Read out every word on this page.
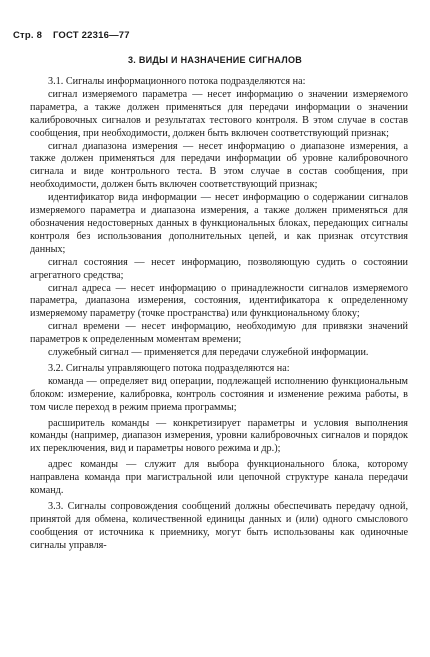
Стр. 8 ГОСТ 22316—77
3. ВИДЫ И НАЗНАЧЕНИЕ СИГНАЛОВ

3.1. Сигналы информационного потока подразделяются на:

сигнал измеряемого параметра — несет информацию о значении измеряемого параметра, а также должен применяться для передачи информации о значении калибровочных сигналов и результатах тестового контроля. В этом случае в состав сообщения, при необходимости, должен быть включен соответствующий признак;

сигнал диапазона измерения — несет информацию о диапазоне измерения, а также должен применяться для передачи информации об уровне калибровочного сигнала и виде контрольного теста. В этом случае в состав сообщения, при необходимости, должен быть включен соответствующий признак;

идентификатор вида информации — несет информацию о содержании сигналов измеряемого параметра и диапазона измерения, а также должен применяться для обозначения недостоверных данных в функциональных блоках, передающих сигналы контроля без использования дополнительных цепей, и как признак отсутствия данных;

сигнал состояния — несет информацию, позволяющую судить о состоянии агрегатного средства;

сигнал адреса — несет информацию о принадлежности сигналов измеряемого параметра, диапазона измерения, состояния, идентификатора к определенному измеряемому параметру (точке пространства) или функциональному блоку;

сигнал времени — несет информацию, необходимую для привязки значений параметров к определенным моментам времени;

служебный сигнал — применяется для передачи служебной информации.

3.2. Сигналы управляющего потока подразделяются на:

команда — определяет вид операции, подлежащей исполнению функциональным блоком: измерение, калибровка, контроль состояния и изменение режима работы, в том числе переход в режим приема программы;

расширитель команды — конкретизирует параметры и условия выполнения команды (например, диапазон измерения, уровни калибровочных сигналов и порядок их переключения, вид и параметры нового режима и др.);

адрес команды — служит для выбора функционального блока, которому направлена команда при магистральной или цепочной структуре канала передачи команд.

3.3. Сигналы сопровождения сообщений должны обеспечивать передачу одной, принятой для обмена, количественной единицы данных и (или) одного смыслового сообщения от источника к приемнику, могут быть использованы как одиночные сигналы управля-
